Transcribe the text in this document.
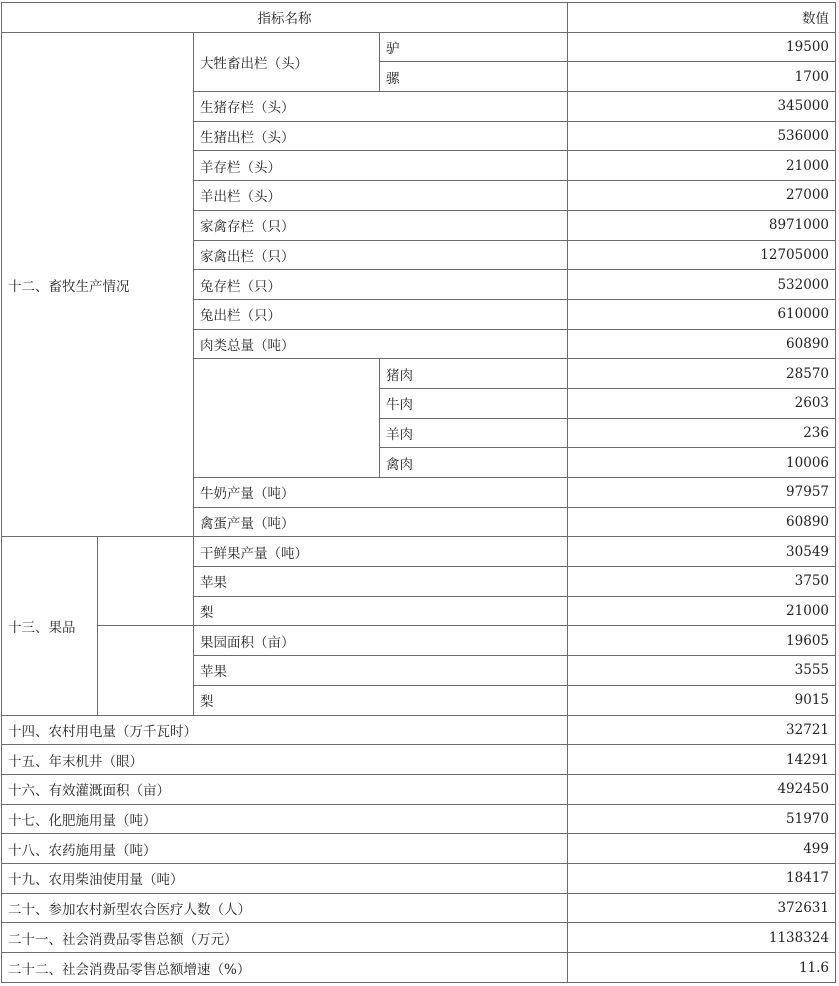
指标名称				数值
十二、畜牧生产情况		大牲畜出栏（头）	驴	19500
			骡	1700
		生猪存栏（头）		345000
		生猪出栏（头）		536000
		羊存栏（头）		21000
		羊出栏（头）		27000
		家禽存栏（只）		8971000
		家禽出栏（只）		12705000
		兔存栏（只）		532000
		兔出栏（只）		610000
		肉类总量（吨）		60890
			猪肉	28570
			牛肉	2603
			羊肉	236
			禽肉	10006
		牛奶产量（吨）		97957
		禽蛋产量（吨）		60890
十三、果品		干鲜果产量（吨）		30549
		苹果		3750
		梨		21000
		果园面积（亩）		19605
		苹果		3555
		梨		9015
十四、农村用电量（万千瓦时）				32721
十五、年末机井（眼）				14291
十六、有效灌溉面积（亩）				492450
十七、化肥施用量（吨）				51970
十八、农药施用量（吨）				499
十九、农用柴油使用量（吨）				18417
二十、参加农村新型农合医疗人数（人）				372631
二十一、社会消费品零售总额（万元）				1138324
二十二、社会消费品零售总额增速（%）				11.6
